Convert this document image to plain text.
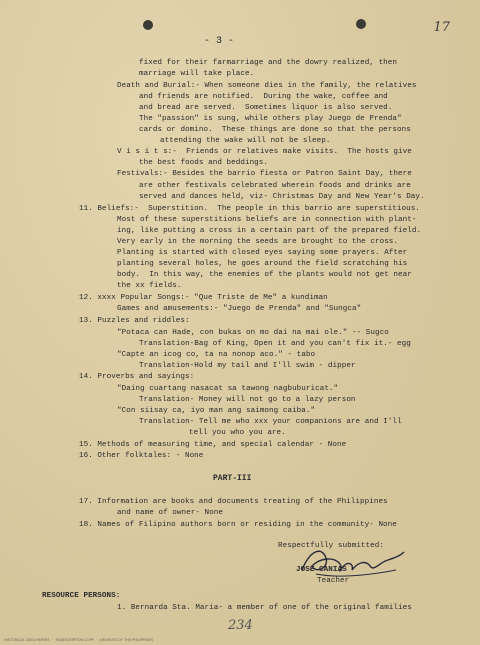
- 3 -
17
fixed for their farmarriage and the dowry realized, then
marriage will take place.
Death and Burial:- When someone dies in the family, the relatives
and friends are notified.  During the wake, coffee and
and bread are served.  Sometimes liquor is also served.
The "passion" is sung, while others play Juego de Prenda"
cards or domino.  These things are done so that the persons
attending the wake will not be sleep.
V i s i t s:-  Friends or relatives make visits.  The hosts give
the best foods and beddings.
Festivals:- Besides the barrio fiesta or Patron Saint Day, there
are other festivals celebrated wherein foods and drinks are
served and dances held, viz- Christmas Day and New Year's Day.
11. Beliefs:-  Superstition.  The people in this barrio are superstitious.
Most of these superstitions beliefs are in connection with plant-
ing, like putting a cross in a certain part of the prepared field.
Very early in the morning the seeds are brought to the cross.
Planting is started with closed eyes saying some prayers. After
planting several holes, he goes around the field scratching his
body.  In this way, the enemies of the plants would not get near
the xx fields.
12. xxxx Popular Songs:- "Que Triste de Me" a kundiman
Games and amusements:- "Juego de Prenda" and "Sungca"
13. Puzzles and riddles:
"Potaca can Hade, con bukas on mo dai na mai ole." -- Sugco
Translation-Bag of King, Open it and you can't fix it.- egg
"Capte an icog co, ta na nonop aco." - tabo
Translation-Hold my tail and I'll swim - dipper
14. Proverbs and sayings:
"Daing cuartang nasacat sa tawong nagbuburicat."
Translation- Money will not go to a lazy person
"Con siisay ca, iyo man ang saimong caiba."
Translation- Tell me who xxx your companions are and I'll
tell you who you are.
15. Methods of measuring time, and special calendar - None
16. Other folktales: - None
PART-III
17. Information are books and documents treating of the Philippines
and name of owner- None
18. Names of Filipino authors born or residing in the community- None
Respectfully submitted:
JOSE CANIAS
Teacher
RESOURCE PERSONS:
1. Bernarda Sta. Maria- a member of one of the original families
234
HISTORICAL DATA PAPERS  ·  TRANSCRIPTION COPY  ·  ARCHIVES OF THE PHILIPPINES
